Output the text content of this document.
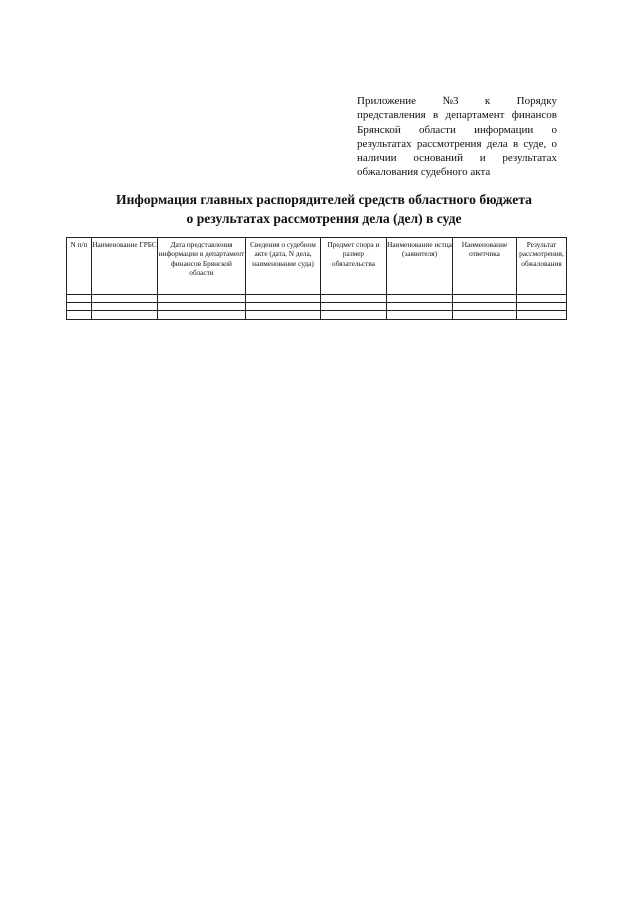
Приложение №3 к Порядку
представления в департамент финансов Брянской области информации о результатах рассмотрения дела в суде, о наличии оснований и результатах обжалования судебного акта
Информация главных распорядителей средств областного бюджета
о результатах рассмотрения дела (дел) в суде
N п/п	Наименование ГРБС	Дата представления информации в департамент финансов Брянской области	Сведения о судебном акте (дата, N дела, наименование суда)	Предмет спора и размер обязательства	Наименование истца (заявителя)	Наименование ответчика	Результат рассмотрения, обжалования
